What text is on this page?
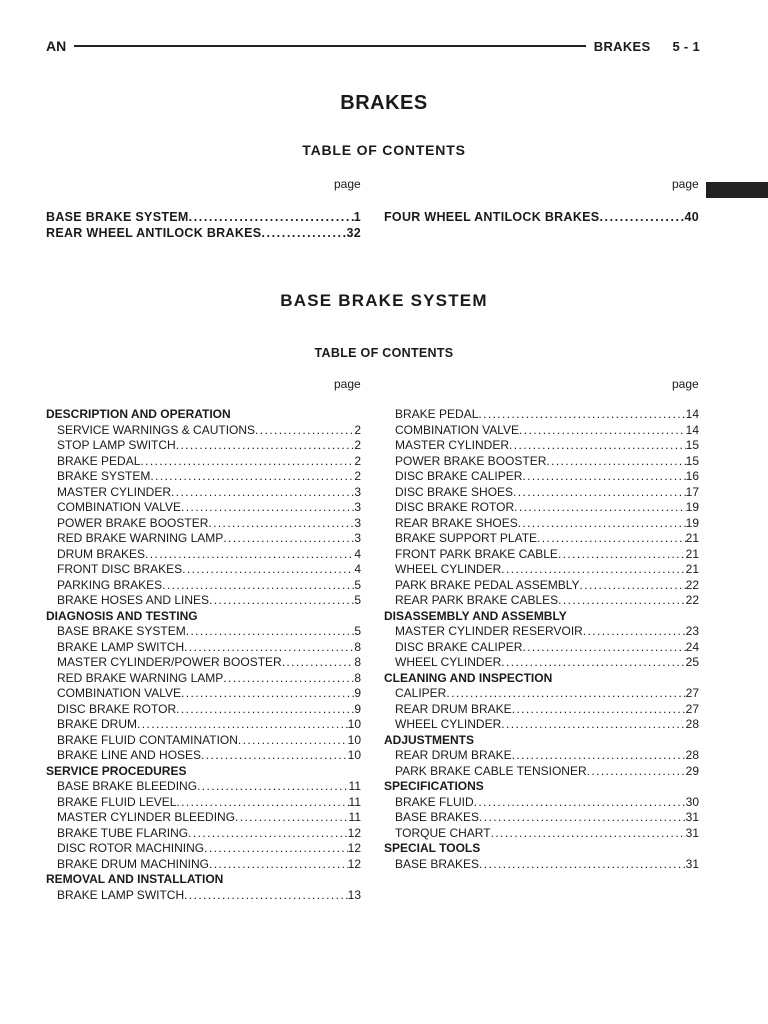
AN	BRAKES 5 - 1
BRAKES
TABLE OF CONTENTS
page	page
BASE BRAKE SYSTEM .....	1
REAR WHEEL ANTILOCK BRAKES .....	32
FOUR WHEEL ANTILOCK BRAKES .....	40
BASE BRAKE SYSTEM
TABLE OF CONTENTS
page	page
DESCRIPTION AND OPERATION
SERVICE WARNINGS & CAUTIONS .....	2
STOP LAMP SWITCH .....	2
BRAKE PEDAL .....	2
BRAKE SYSTEM .....	2
MASTER CYLINDER .....	3
COMBINATION VALVE .....	3
POWER BRAKE BOOSTER .....	3
RED BRAKE WARNING LAMP .....	3
DRUM BRAKES .....	4
FRONT DISC BRAKES .....	4
PARKING BRAKES .....	5
BRAKE HOSES AND LINES .....	5
DIAGNOSIS AND TESTING
BASE BRAKE SYSTEM .....	5
BRAKE LAMP SWITCH .....	8
MASTER CYLINDER/POWER BOOSTER .....	8
RED BRAKE WARNING LAMP .....	8
COMBINATION VALVE .....	9
DISC BRAKE ROTOR .....	9
BRAKE DRUM .....	10
BRAKE FLUID CONTAMINATION .....	10
BRAKE LINE AND HOSES .....	10
SERVICE PROCEDURES
BASE BRAKE BLEEDING .....	11
BRAKE FLUID LEVEL .....	11
MASTER CYLINDER BLEEDING .....	11
BRAKE TUBE FLARING .....	12
DISC ROTOR MACHINING .....	12
BRAKE DRUM MACHINING .....	12
REMOVAL AND INSTALLATION
BRAKE LAMP SWITCH .....	13
BRAKE PEDAL .....	14
COMBINATION VALVE .....	14
MASTER CYLINDER .....	15
POWER BRAKE BOOSTER .....	15
DISC BRAKE CALIPER .....	16
DISC BRAKE SHOES .....	17
DISC BRAKE ROTOR .....	19
REAR BRAKE SHOES .....	19
BRAKE SUPPORT PLATE .....	21
FRONT PARK BRAKE CABLE .....	21
WHEEL CYLINDER .....	21
PARK BRAKE PEDAL ASSEMBLY .....	22
REAR PARK BRAKE CABLES .....	22
DISASSEMBLY AND ASSEMBLY
MASTER CYLINDER RESERVOIR .....	23
DISC BRAKE CALIPER .....	24
WHEEL CYLINDER .....	25
CLEANING AND INSPECTION
CALIPER .....	27
REAR DRUM BRAKE .....	27
WHEEL CYLINDER .....	28
ADJUSTMENTS
REAR DRUM BRAKE .....	28
PARK BRAKE CABLE TENSIONER .....	29
SPECIFICATIONS
BRAKE FLUID .....	30
BASE BRAKES .....	31
TORQUE CHART .....	31
SPECIAL TOOLS
BASE BRAKES .....	31
